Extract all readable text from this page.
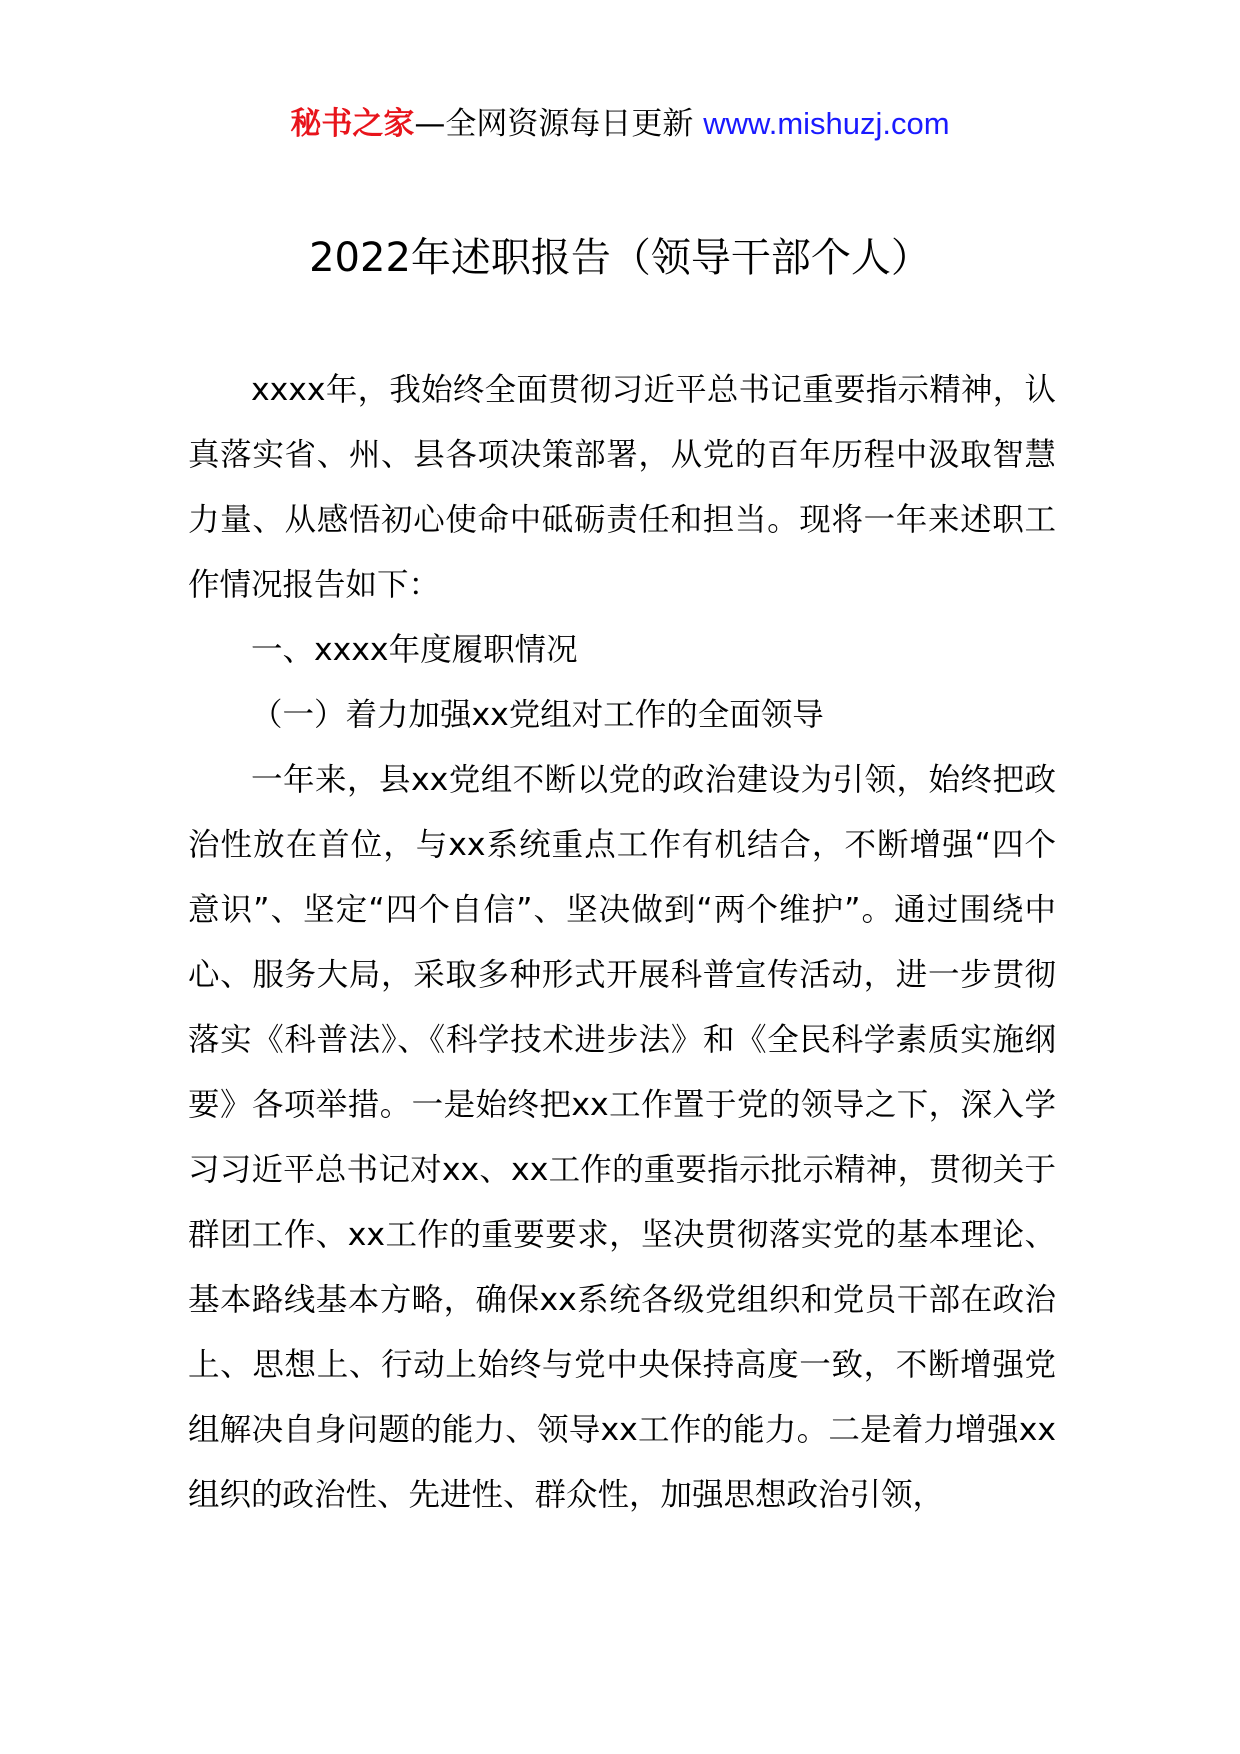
秘书之家—全网资源每日更新 www.mishuzj.com
2022年述职报告（领导干部个人）

xxxx年，我始终全面贯彻习近平总书记重要指示精神，认真落实省、州、县各项决策部署，从党的百年历程中汲取智慧力量、从感悟初心使命中砥砺责任和担当。现将一年来述职工作情况报告如下：

一、xxxx年度履职情况

（一）着力加强xx党组对工作的全面领导

一年来，县xx党组不断以党的政治建设为引领，始终把政治性放在首位，与xx系统重点工作有机结合，不断增强“四个意识”、坚定“四个自信”、坚决做到“两个维护”。通过围绕中心、服务大局，采取多种形式开展科普宣传活动，进一步贯彻落实《科普法》、《科学技术进步法》和《全民科学素质实施纲要》各项举措。一是始终把xx工作置于党的领导之下，深入学习习近平总书记对xx、xx工作的重要指示批示精神，贯彻关于群团工作、xx工作的重要要求，坚决贯彻落实党的基本理论、基本路线基本方略，确保xx系统各级党组织和党员干部在政治上、思想上、行动上始终与党中央保持高度一致，不断增强党组解决自身问题的能力、领导xx工作的能力。二是着力增强xx组织的政治性、先进性、群众性，加强思想政治引领，
